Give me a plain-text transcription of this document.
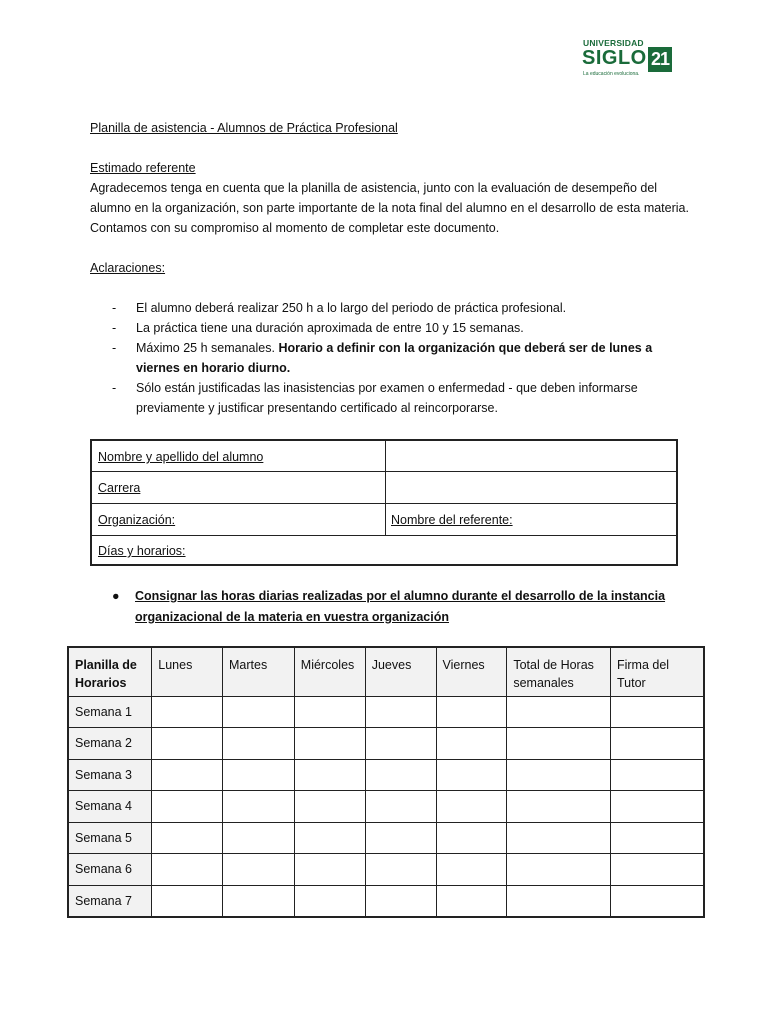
UNIVERSIDAD
SIGLO 21
La educación evoluciona.
Planilla de asistencia - Alumnos de Práctica Profesional
Estimado referente
Agradecemos tenga en cuenta que la planilla de asistencia, junto con la evaluación de desempeño del alumno en la organización, son parte importante de la nota final del alumno en el desarrollo de esta materia. Contamos con su compromiso al momento de completar este documento.
Aclaraciones:
- El alumno deberá realizar 250 h a lo largo del periodo de práctica profesional.
- La práctica tiene una duración aproximada de entre 10 y 15 semanas.
- Máximo 25 h semanales. Horario a definir con la organización que deberá ser de lunes a viernes en horario diurno.
- Sólo están justificadas las inasistencias por examen o enfermedad - que deben informarse previamente y justificar presentando certificado al reincorporarse.
Nombre y apellido del alumno
Carrera
Organización:	Nombre del referente:
Días y horarios:
● Consignar las horas diarias realizadas por el alumno durante el desarrollo de la instancia organizacional de la materia en vuestra organización
Planilla de Horarios	Lunes	Martes	Miércoles	Jueves	Viernes	Total de Horas semanales	Firma del Tutor
Semana 1							
Semana 2							
Semana 3							
Semana 4							
Semana 5							
Semana 6							
Semana 7							
